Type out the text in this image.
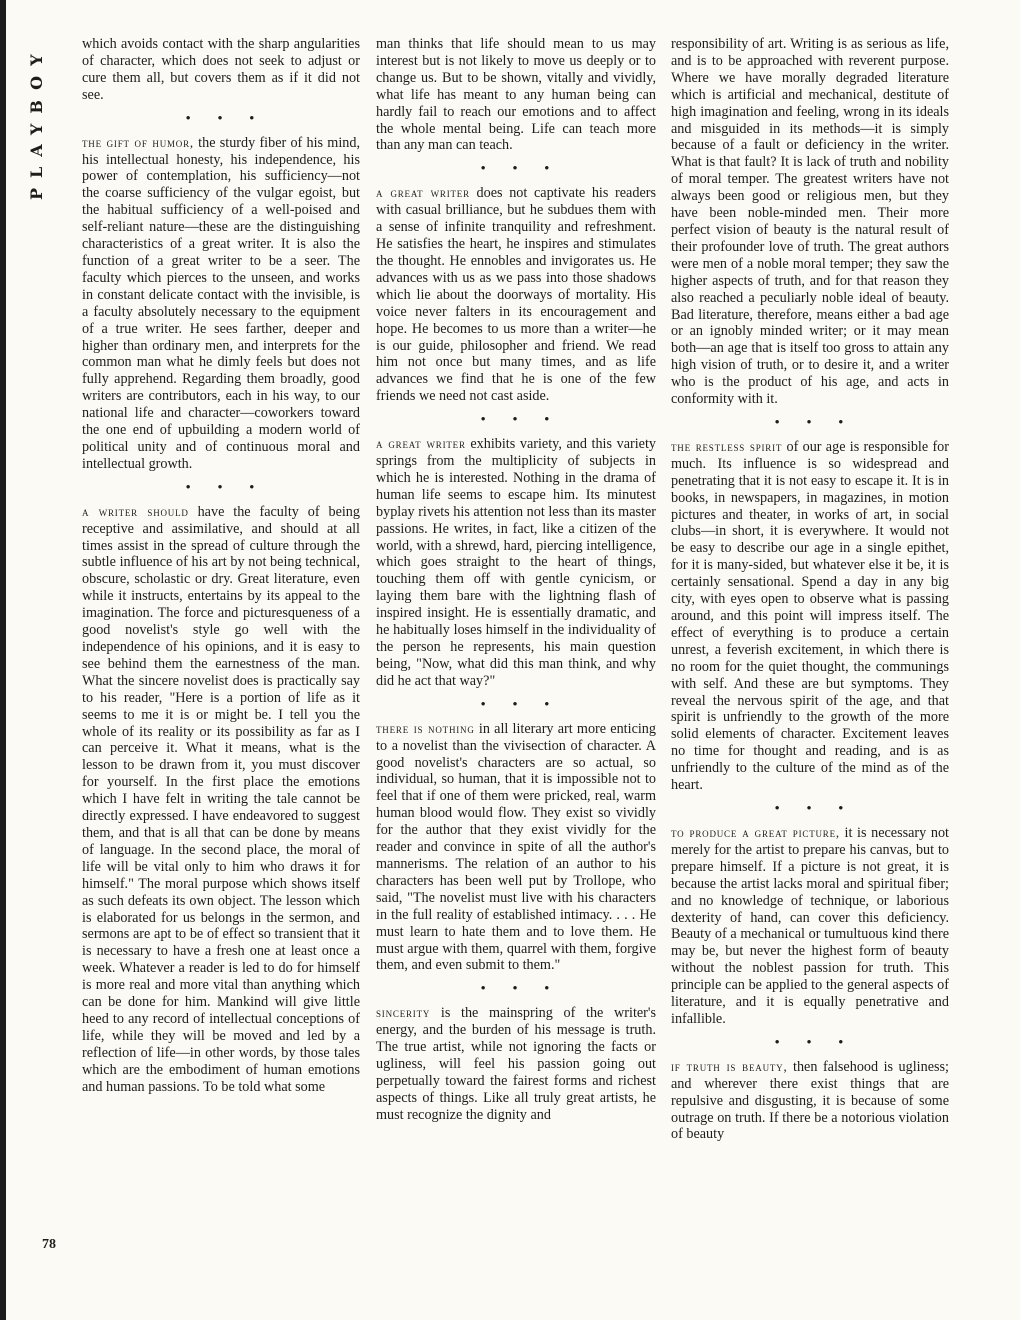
PLAYBOY
78

which avoids contact with the sharp angularities of character, which does not seek to adjust or cure them all, but covers them as if it did not see.

• • •

the gift of humor, the sturdy fiber of his mind, his intellectual honesty, his independence, his power of contemplation, his sufficiency—not the coarse sufficiency of the vulgar egoist, but the habitual sufficiency of a well-poised and self-reliant nature—these are the distinguishing characteristics of a great writer. It is also the function of a great writer to be a seer. The faculty which pierces to the unseen, and works in constant delicate contact with the invisible, is a faculty absolutely necessary to the equipment of a true writer. He sees farther, deeper and higher than ordinary men, and interprets for the common man what he dimly feels but does not fully apprehend. Regarding them broadly, good writers are contributors, each in his way, to our national life and character—coworkers toward the one end of upbuilding a modern world of political unity and of continuous moral and intellectual growth.

• • •

a writer should have the faculty of being receptive and assimilative, and should at all times assist in the spread of culture through the subtle influence of his art by not being technical, obscure, scholastic or dry. Great literature, even while it instructs, entertains by its appeal to the imagination. The force and picturesqueness of a good novelist's style go well with the independence of his opinions, and it is easy to see behind them the earnestness of the man. What the sincere novelist does is practically say to his reader, "Here is a portion of life as it seems to me it is or might be. I tell you the whole of its reality or its possibility as far as I can perceive it. What it means, what is the lesson to be drawn from it, you must discover for yourself. In the first place the emotions which I have felt in writing the tale cannot be directly expressed. I have endeavored to suggest them, and that is all that can be done by means of language. In the second place, the moral of life will be vital only to him who draws it for himself." The moral purpose which shows itself as such defeats its own object. The lesson which is elaborated for us belongs in the sermon, and sermons are apt to be of effect so transient that it is necessary to have a fresh one at least once a week. Whatever a reader is led to do for himself is more real and more vital than anything which can be done for him. Mankind will give little heed to any record of intellectual conceptions of life, while they will be moved and led by a reflection of life—in other words, by those tales which are the embodiment of human emotions and human passions. To be told what some

man thinks that life should mean to us may interest but is not likely to move us deeply or to change us. But to be shown, vitally and vividly, what life has meant to any human being can hardly fail to reach our emotions and to affect the whole mental being. Life can teach more than any man can teach.

• • •

a great writer does not captivate his readers with casual brilliance, but he subdues them with a sense of infinite tranquility and refreshment. He satisfies the heart, he inspires and stimulates the thought. He ennobles and invigorates us. He advances with us as we pass into those shadows which lie about the doorways of mortality. His voice never falters in its encouragement and hope. He becomes to us more than a writer—he is our guide, philosopher and friend. We read him not once but many times, and as life advances we find that he is one of the few friends we need not cast aside.

• • •

a great writer exhibits variety, and this variety springs from the multiplicity of subjects in which he is interested. Nothing in the drama of human life seems to escape him. Its minutest byplay rivets his attention not less than its master passions. He writes, in fact, like a citizen of the world, with a shrewd, hard, piercing intelligence, which goes straight to the heart of things, touching them off with gentle cynicism, or laying them bare with the lightning flash of inspired insight. He is essentially dramatic, and he habitually loses himself in the individuality of the person he represents, his main question being, "Now, what did this man think, and why did he act that way?"

• • •

there is nothing in all literary art more enticing to a novelist than the vivisection of character. A good novelist's characters are so actual, so individual, so human, that it is impossible not to feel that if one of them were pricked, real, warm human blood would flow. They exist so vividly for the author that they exist vividly for the reader and convince in spite of all the author's mannerisms. The relation of an author to his characters has been well put by Trollope, who said, "The novelist must live with his characters in the full reality of established intimacy. . . . He must learn to hate them and to love them. He must argue with them, quarrel with them, forgive them, and even submit to them."

• • •

sincerity is the mainspring of the writer's energy, and the burden of his message is truth. The true artist, while not ignoring the facts or ugliness, will feel his passion going out perpetually toward the fairest forms and richest aspects of things. Like all truly great artists, he must recognize the dignity and

responsibility of art. Writing is as serious as life, and is to be approached with reverent purpose. Where we have morally degraded literature which is artificial and mechanical, destitute of high imagination and feeling, wrong in its ideals and misguided in its methods—it is simply because of a fault or deficiency in the writer. What is that fault? It is lack of truth and nobility of moral temper. The greatest writers have not always been good or religious men, but they have been noble-minded men. Their more perfect vision of beauty is the natural result of their profounder love of truth. The great authors were men of a noble moral temper; they saw the higher aspects of truth, and for that reason they also reached a peculiarly noble ideal of beauty. Bad literature, therefore, means either a bad age or an ignobly minded writer; or it may mean both—an age that is itself too gross to attain any high vision of truth, or to desire it, and a writer who is the product of his age, and acts in conformity with it.

• • •

the restless spirit of our age is responsible for much. Its influence is so widespread and penetrating that it is not easy to escape it. It is in books, in newspapers, in magazines, in motion pictures and theater, in works of art, in social clubs—in short, it is everywhere. It would not be easy to describe our age in a single epithet, for it is many-sided, but whatever else it be, it is certainly sensational. Spend a day in any big city, with eyes open to observe what is passing around, and this point will impress itself. The effect of everything is to produce a certain unrest, a feverish excitement, in which there is no room for the quiet thought, the communings with self. And these are but symptoms. They reveal the nervous spirit of the age, and that spirit is unfriendly to the growth of the more solid elements of character. Excitement leaves no time for thought and reading, and is as unfriendly to the culture of the mind as of the heart.

• • •

to produce a great picture, it is necessary not merely for the artist to prepare his canvas, but to prepare himself. If a picture is not great, it is because the artist lacks moral and spiritual fiber; and no knowledge of technique, or laborious dexterity of hand, can cover this deficiency. Beauty of a mechanical or tumultuous kind there may be, but never the highest form of beauty without the noblest passion for truth. This principle can be applied to the general aspects of literature, and it is equally penetrative and infallible.

• • •

if truth is beauty, then falsehood is ugliness; and wherever there exist things that are repulsive and disgusting, it is because of some outrage on truth. If there be a notorious violation of beauty
